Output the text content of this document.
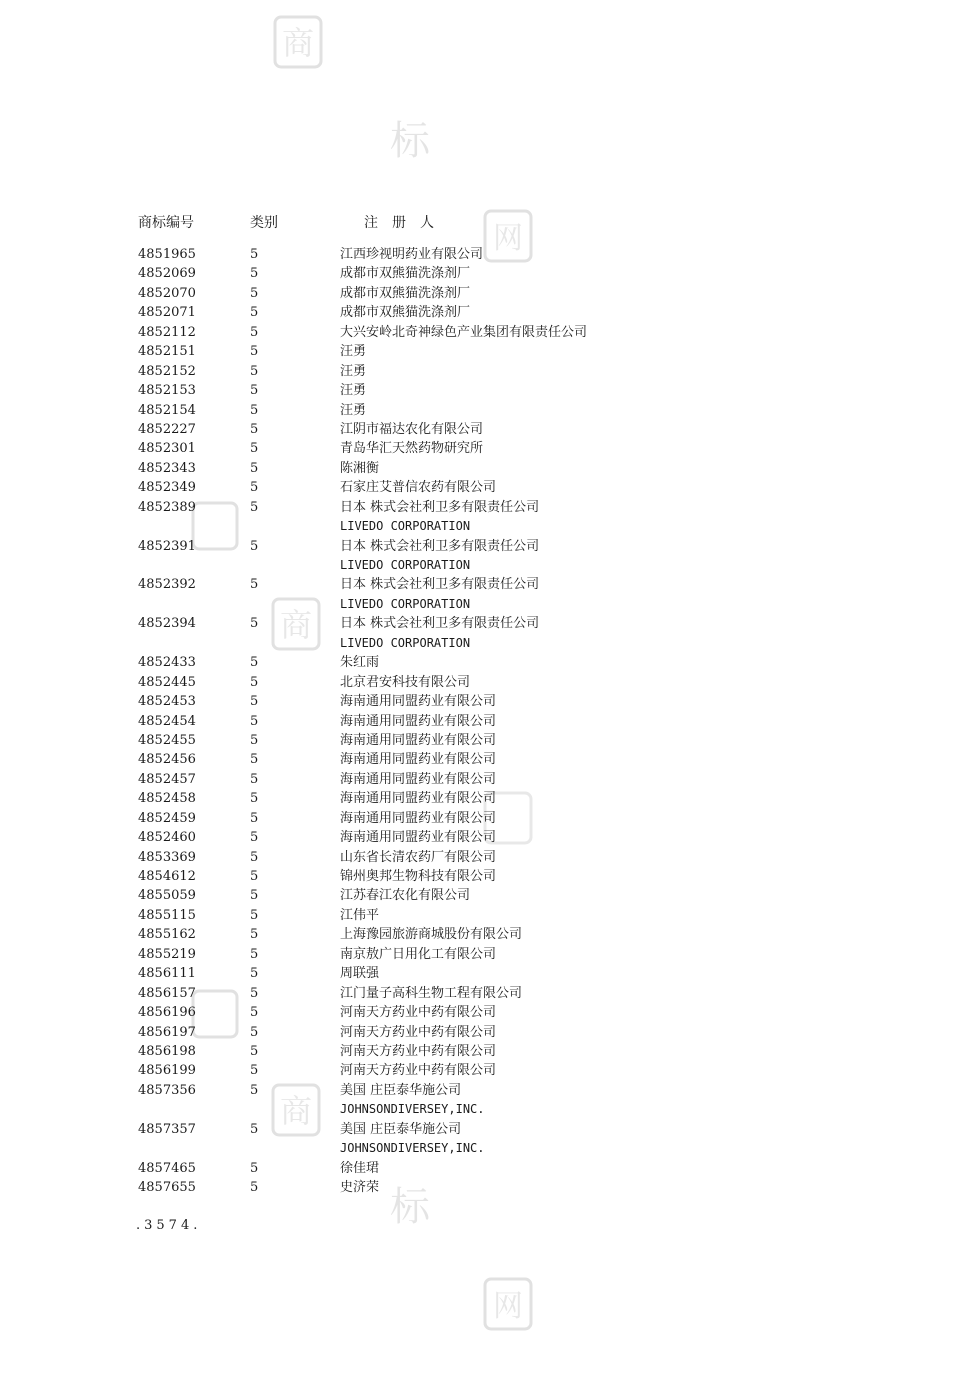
商
标
网
商
商
标
网
商标编号	类别	注册人
4851965	5	江西珍视明药业有限公司
4852069	5	成都市双熊猫洗涤剂厂
4852070	5	成都市双熊猫洗涤剂厂
4852071	5	成都市双熊猫洗涤剂厂
4852112	5	大兴安岭北奇神绿色产业集团有限责任公司
4852151	5	汪勇
4852152	5	汪勇
4852153	5	汪勇
4852154	5	汪勇
4852227	5	江阴市福达农化有限公司
4852301	5	青岛华汇天然药物研究所
4852343	5	陈湘衡
4852349	5	石家庄艾普信农药有限公司
4852389	5	日本 株式会社利卫多有限责任公司
LIVEDO CORPORATION
4852391	5	日本 株式会社利卫多有限责任公司
LIVEDO CORPORATION
4852392	5	日本 株式会社利卫多有限责任公司
LIVEDO CORPORATION
4852394	5	日本 株式会社利卫多有限责任公司
LIVEDO CORPORATION
4852433	5	朱红雨
4852445	5	北京君安科技有限公司
4852453	5	海南通用同盟药业有限公司
4852454	5	海南通用同盟药业有限公司
4852455	5	海南通用同盟药业有限公司
4852456	5	海南通用同盟药业有限公司
4852457	5	海南通用同盟药业有限公司
4852458	5	海南通用同盟药业有限公司
4852459	5	海南通用同盟药业有限公司
4852460	5	海南通用同盟药业有限公司
4853369	5	山东省长清农药厂有限公司
4854612	5	锦州奥邦生物科技有限公司
4855059	5	江苏春江农化有限公司
4855115	5	江伟平
4855162	5	上海豫园旅游商城股份有限公司
4855219	5	南京敖广日用化工有限公司
4856111	5	周联强
4856157	5	江门量子高科生物工程有限公司
4856196	5	河南天方药业中药有限公司
4856197	5	河南天方药业中药有限公司
4856198	5	河南天方药业中药有限公司
4856199	5	河南天方药业中药有限公司
4857356	5	美国 庄臣泰华施公司
JOHNSONDIVERSEY,INC.
4857357	5	美国 庄臣泰华施公司
JOHNSONDIVERSEY,INC.
4857465	5	徐佳珺
4857655	5	史济荣
.3574.
